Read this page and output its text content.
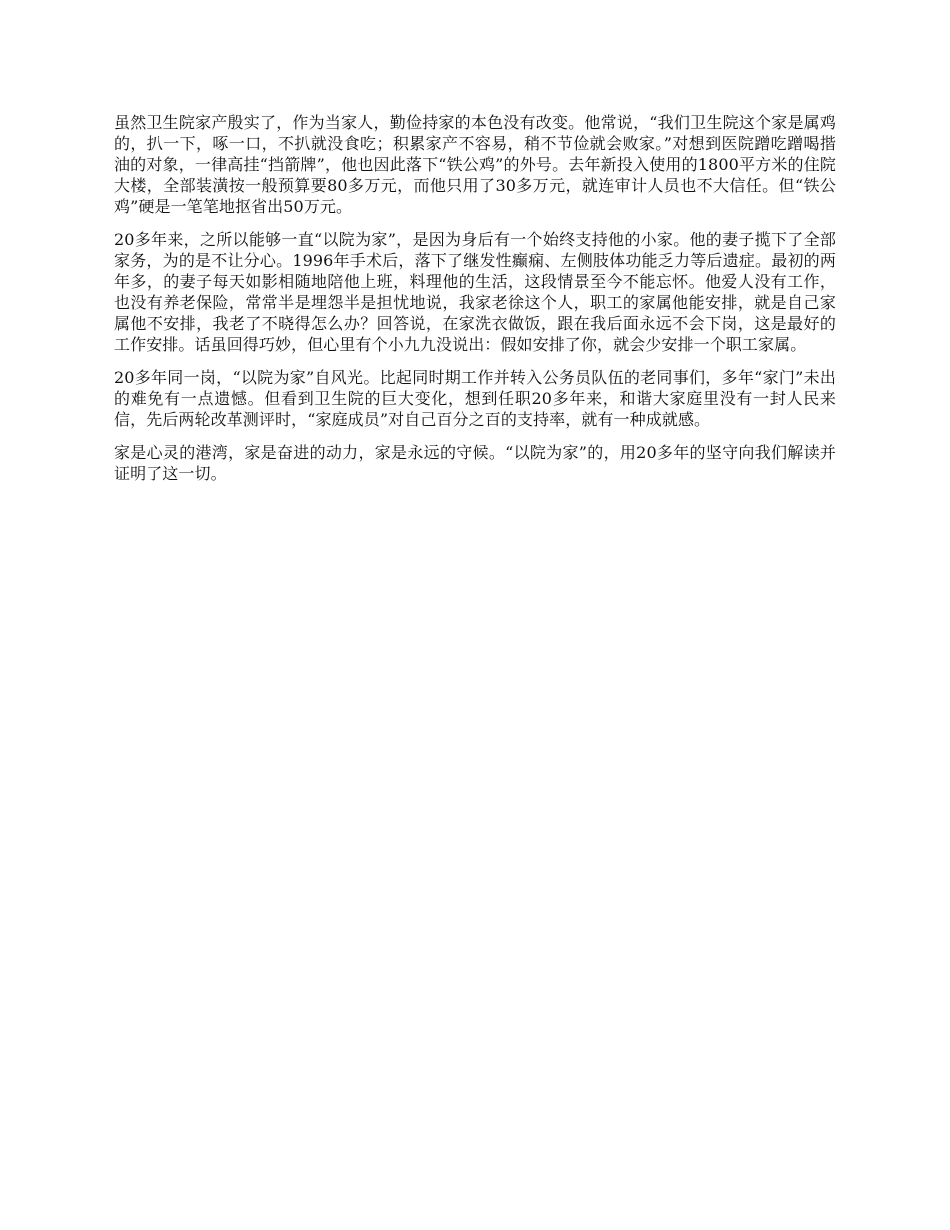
虽然卫生院家产殷实了，作为当家人，勤俭持家的本色没有改变。他常说，“我们卫生院这个家是属鸡的，扒一下，啄一口，不扒就没食吃；积累家产不容易，稍不节俭就会败家。”对想到医院蹭吃蹭喝揩油的对象，一律高挂“挡箭牌”，他也因此落下“铁公鸡”的外号。去年新投入使用的1800平方米的住院大楼，全部装潢按一般预算要80多万元，而他只用了30多万元，就连审计人员也不大信任。但“铁公鸡”硬是一笔笔地抠省出50万元。

20多年来，之所以能够一直“以院为家”，是因为身后有一个始终支持他的小家。他的妻子揽下了全部家务，为的是不让分心。1996年手术后，落下了继发性癫痫、左侧肢体功能乏力等后遗症。最初的两年多，的妻子每天如影相随地陪他上班，料理他的生活，这段情景至今不能忘怀。他爱人没有工作，也没有养老保险，常常半是埋怨半是担忧地说，我家老徐这个人，职工的家属他能安排，就是自己家属他不安排，我老了不晓得怎么办？回答说，在家洗衣做饭，跟在我后面永远不会下岗，这是最好的工作安排。话虽回得巧妙，但心里有个小九九没说出：假如安排了你，就会少安排一个职工家属。

20多年同一岗，“以院为家”自风光。比起同时期工作并转入公务员队伍的老同事们，多年“家门”未出的难免有一点遗憾。但看到卫生院的巨大变化，想到任职20多年来，和谐大家庭里没有一封人民来信，先后两轮改革测评时，“家庭成员”对自己百分之百的支持率，就有一种成就感。

家是心灵的港湾，家是奋进的动力，家是永远的守候。“以院为家”的，用20多年的坚守向我们解读并证明了这一切。
